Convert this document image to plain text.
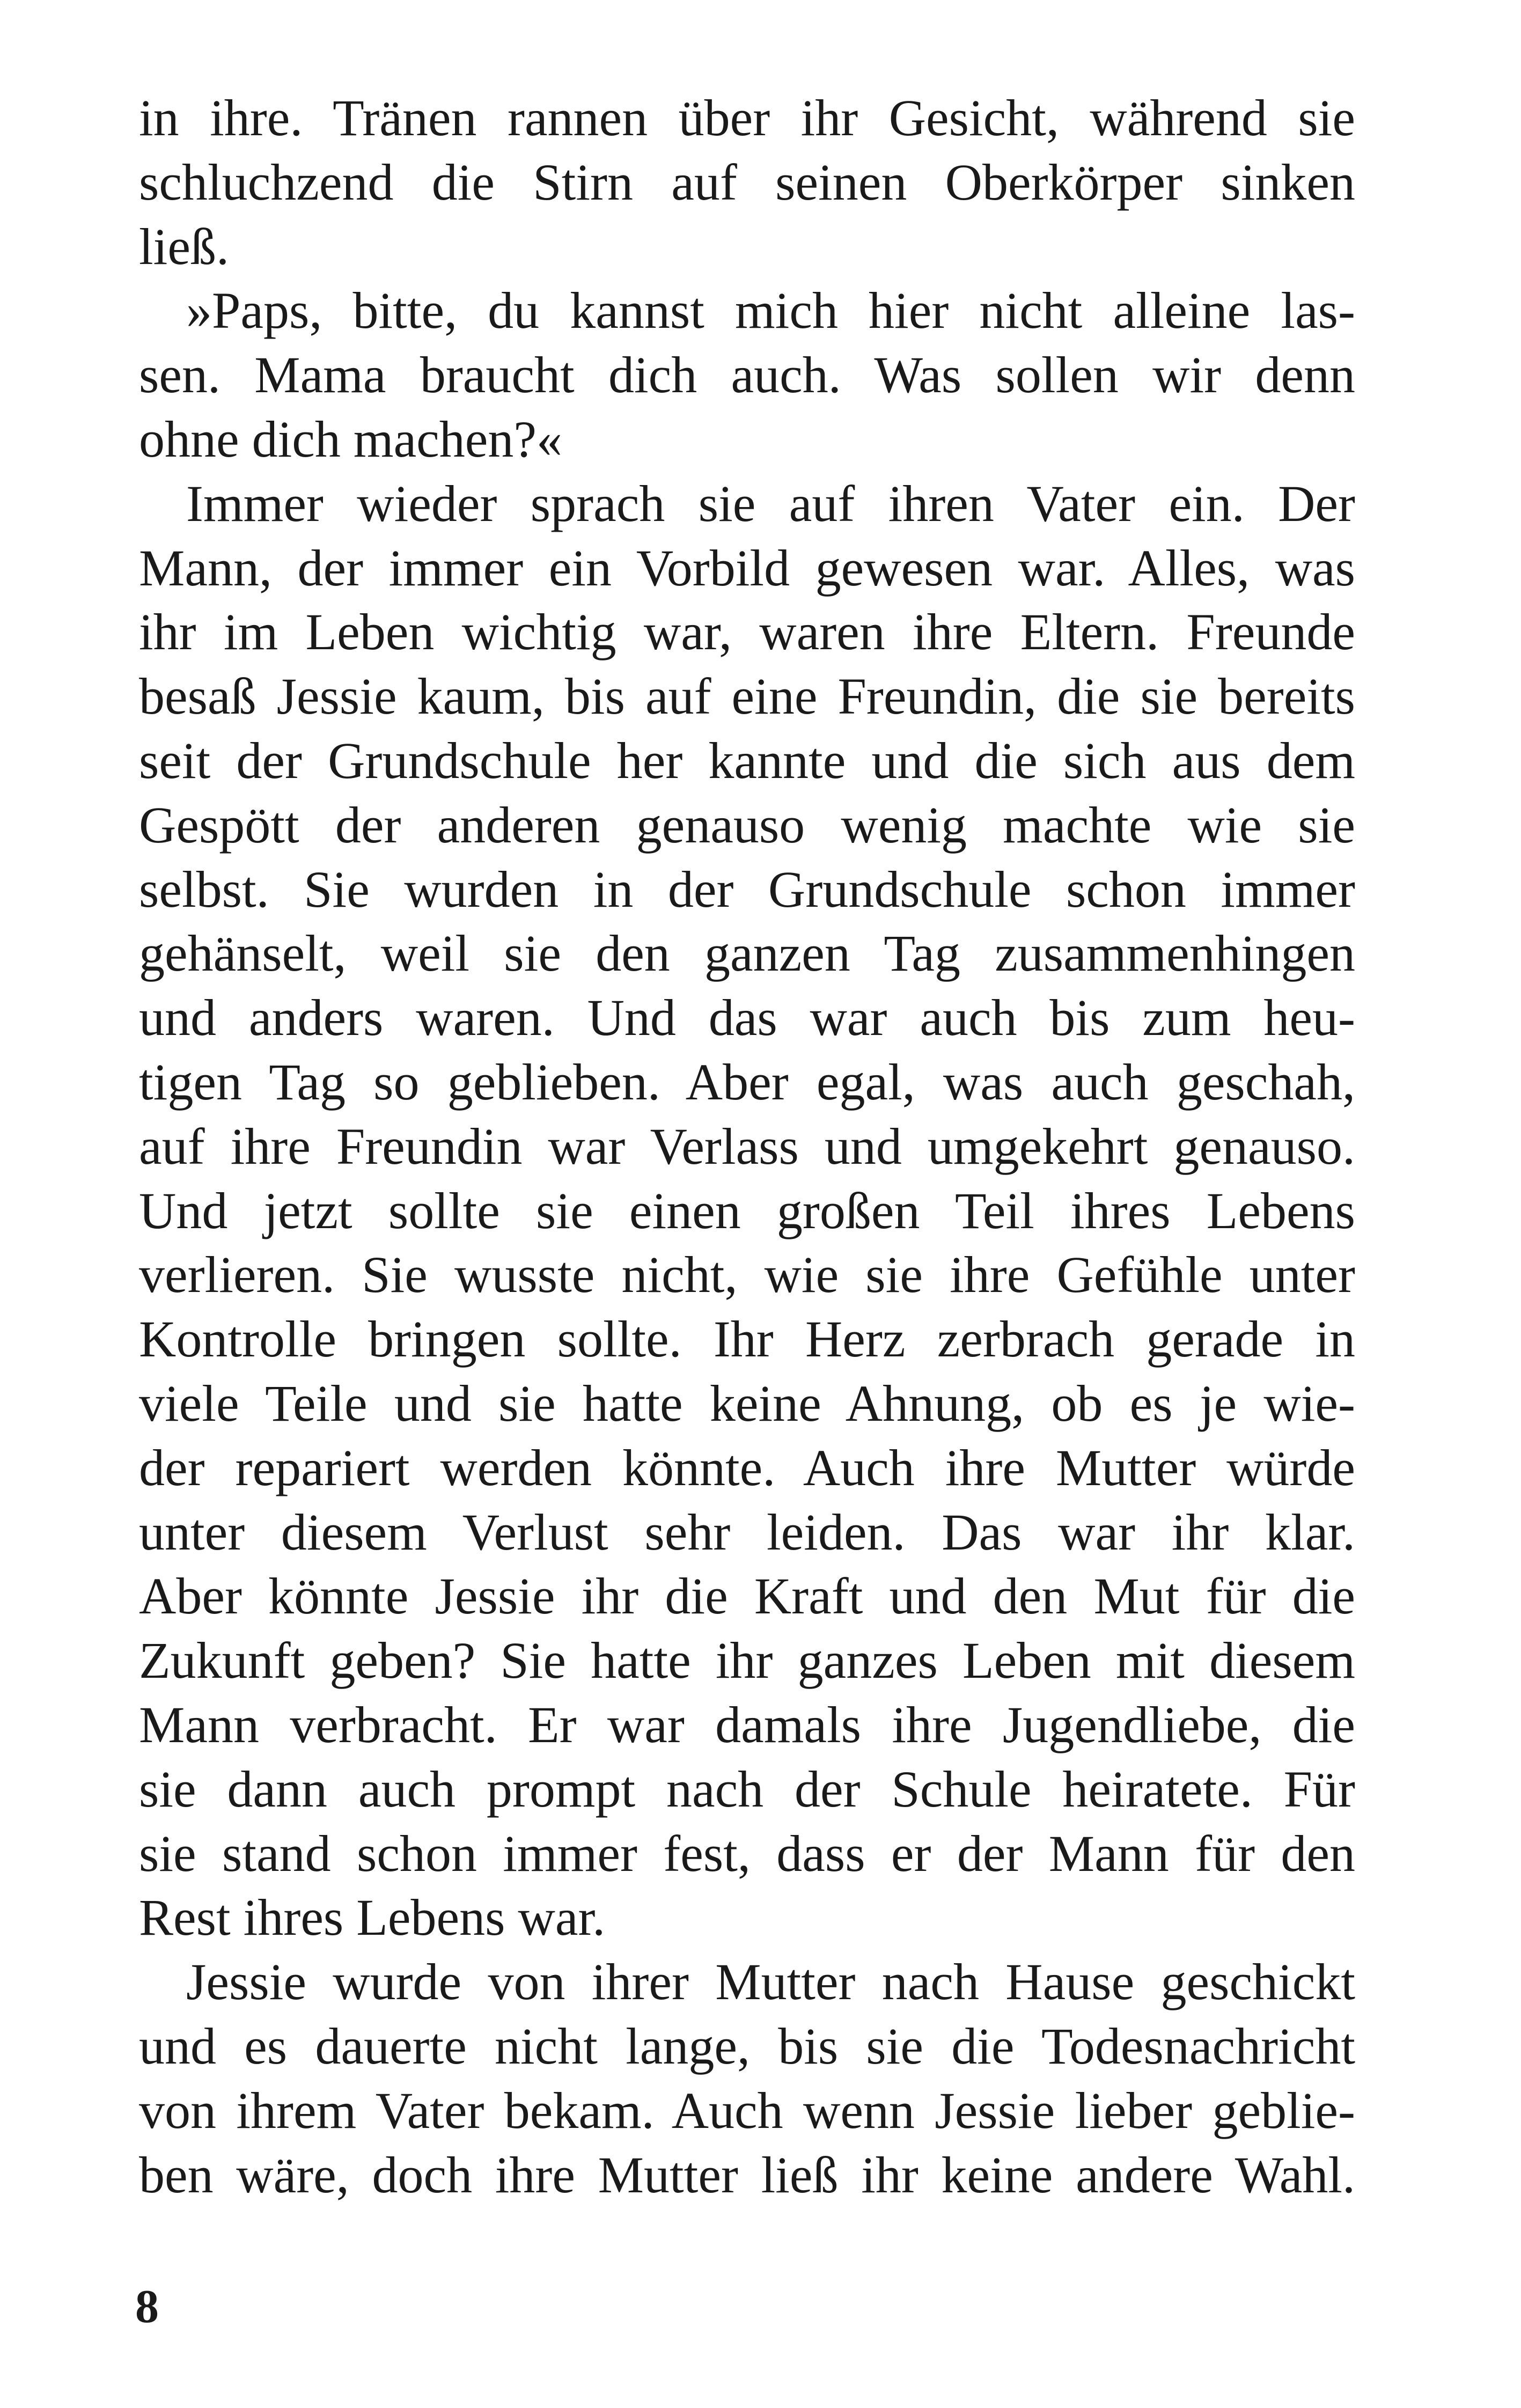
in ihre. Tränen rannen über ihr Gesicht, während sie
schluchzend die Stirn auf seinen Oberkörper sinken
ließ.
»Paps, bitte, du kannst mich hier nicht alleine las-
sen. Mama braucht dich auch. Was sollen wir denn
ohne dich machen?«
Immer wieder sprach sie auf ihren Vater ein. Der
Mann, der immer ein Vorbild gewesen war. Alles, was
ihr im Leben wichtig war, waren ihre Eltern. Freunde
besaß Jessie kaum, bis auf eine Freundin, die sie bereits
seit der Grundschule her kannte und die sich aus dem
Gespött der anderen genauso wenig machte wie sie
selbst. Sie wurden in der Grundschule schon immer
gehänselt, weil sie den ganzen Tag zusammenhingen
und anders waren. Und das war auch bis zum heu-
tigen Tag so geblieben. Aber egal, was auch geschah,
auf ihre Freundin war Verlass und umgekehrt genauso.
Und jetzt sollte sie einen großen Teil ihres Lebens
verlieren. Sie wusste nicht, wie sie ihre Gefühle unter
Kontrolle bringen sollte. Ihr Herz zerbrach gerade in
viele Teile und sie hatte keine Ahnung, ob es je wie-
der repariert werden könnte. Auch ihre Mutter würde
unter diesem Verlust sehr leiden. Das war ihr klar.
Aber könnte Jessie ihr die Kraft und den Mut für die
Zukunft geben? Sie hatte ihr ganzes Leben mit diesem
Mann verbracht. Er war damals ihre Jugendliebe, die
sie dann auch prompt nach der Schule heiratete. Für
sie stand schon immer fest, dass er der Mann für den
Rest ihres Lebens war.
Jessie wurde von ihrer Mutter nach Hause geschickt
und es dauerte nicht lange, bis sie die Todesnachricht
von ihrem Vater bekam. Auch wenn Jessie lieber geblie-
ben wäre, doch ihre Mutter ließ ihr keine andere Wahl.
8
